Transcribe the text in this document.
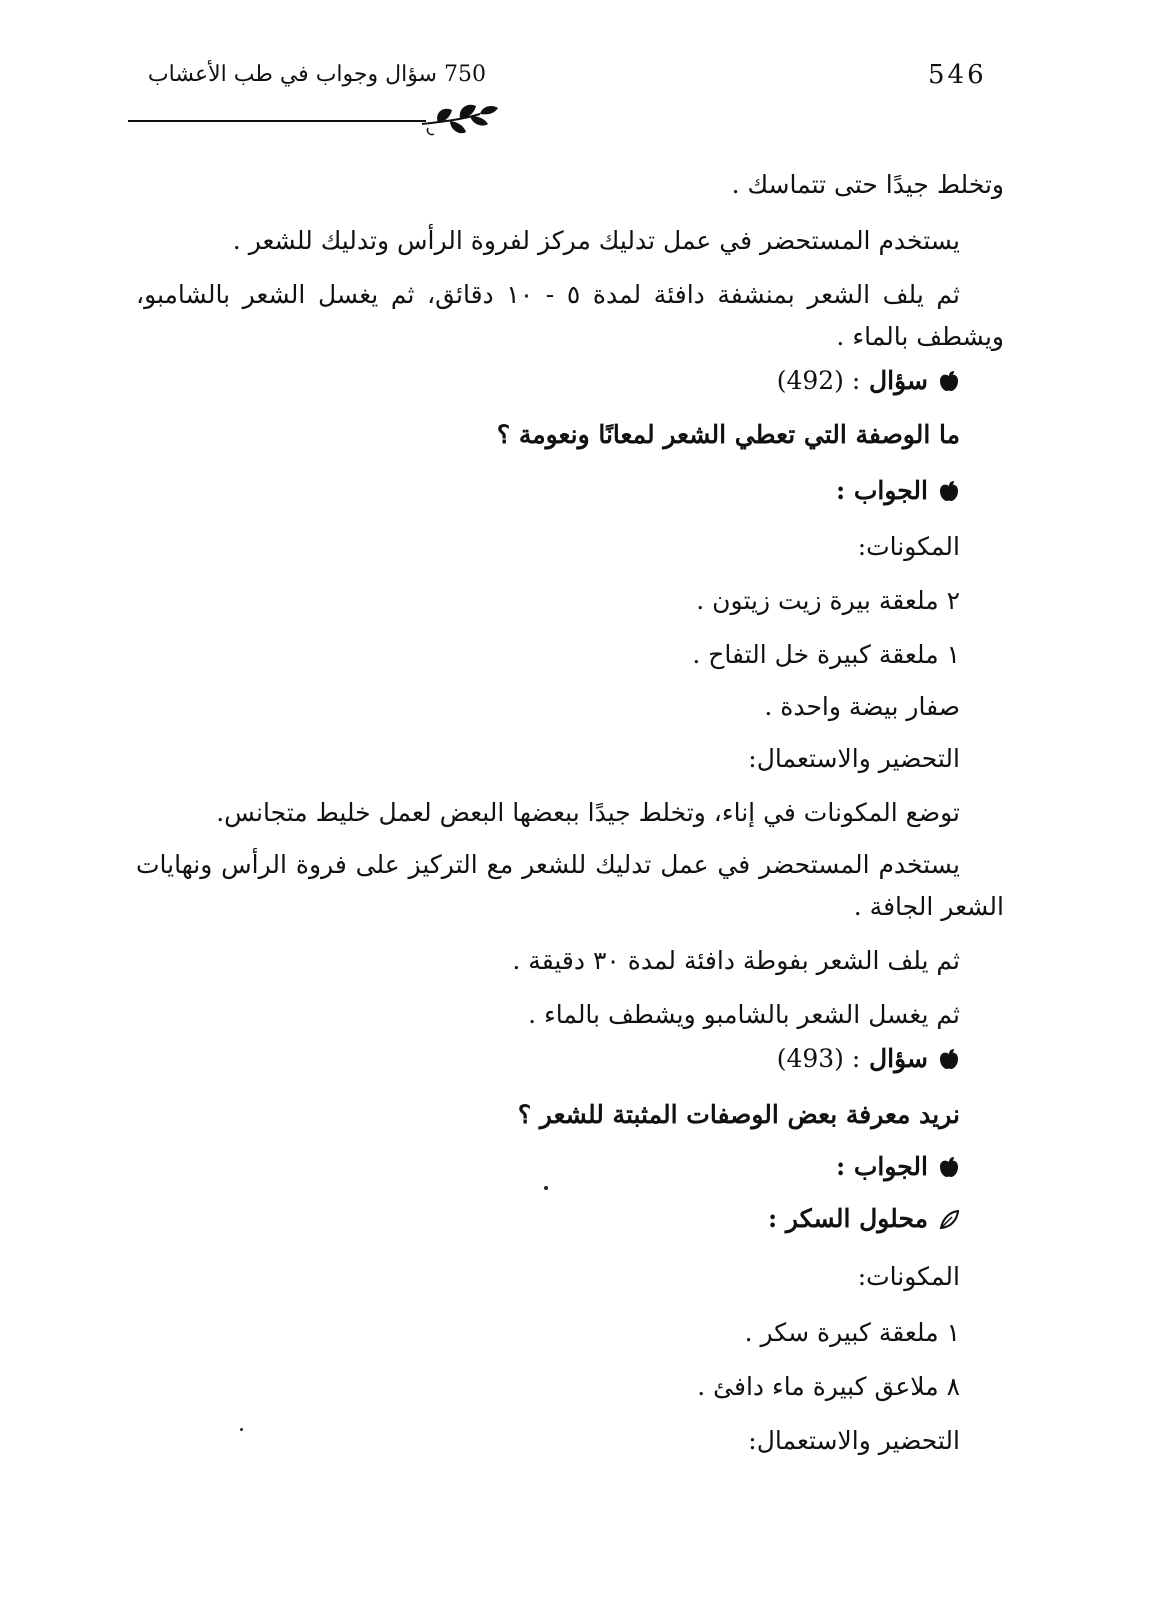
546
750 سؤال وجواب في طب الأعشاب
وتخلط جيدًا حتى تتماسك .
يستخدم المستحضر في عمل تدليك مركز لفروة الرأس وتدليك للشعر .
ثم يلف الشعر بمنشفة دافئة لمدة ٥ - ١٠ دقائق، ثم يغسل الشعر بالشامبو،
ويشطف بالماء .
سؤال (492) :
ما الوصفة التي تعطي الشعر لمعانًا ونعومة ؟
الجواب :
المكونات:
٢ ملعقة بيرة زيت زيتون .
١ ملعقة كبيرة خل التفاح .
صفار بيضة واحدة .
التحضير والاستعمال:
توضع المكونات في إناء، وتخلط جيدًا ببعضها البعض لعمل خليط متجانس.
يستخدم المستحضر في عمل تدليك للشعر مع التركيز على فروة الرأس ونهايات
الشعر الجافة .
ثم يلف الشعر بفوطة دافئة لمدة ٣٠ دقيقة .
ثم يغسل الشعر بالشامبو ويشطف بالماء .
سؤال (493) :
نريد معرفة بعض الوصفات المثبتة للشعر ؟
الجواب :
محلول السكر :
المكونات:
١ ملعقة كبيرة سكر .
٨ ملاعق كبيرة ماء دافئ .
التحضير والاستعمال:
